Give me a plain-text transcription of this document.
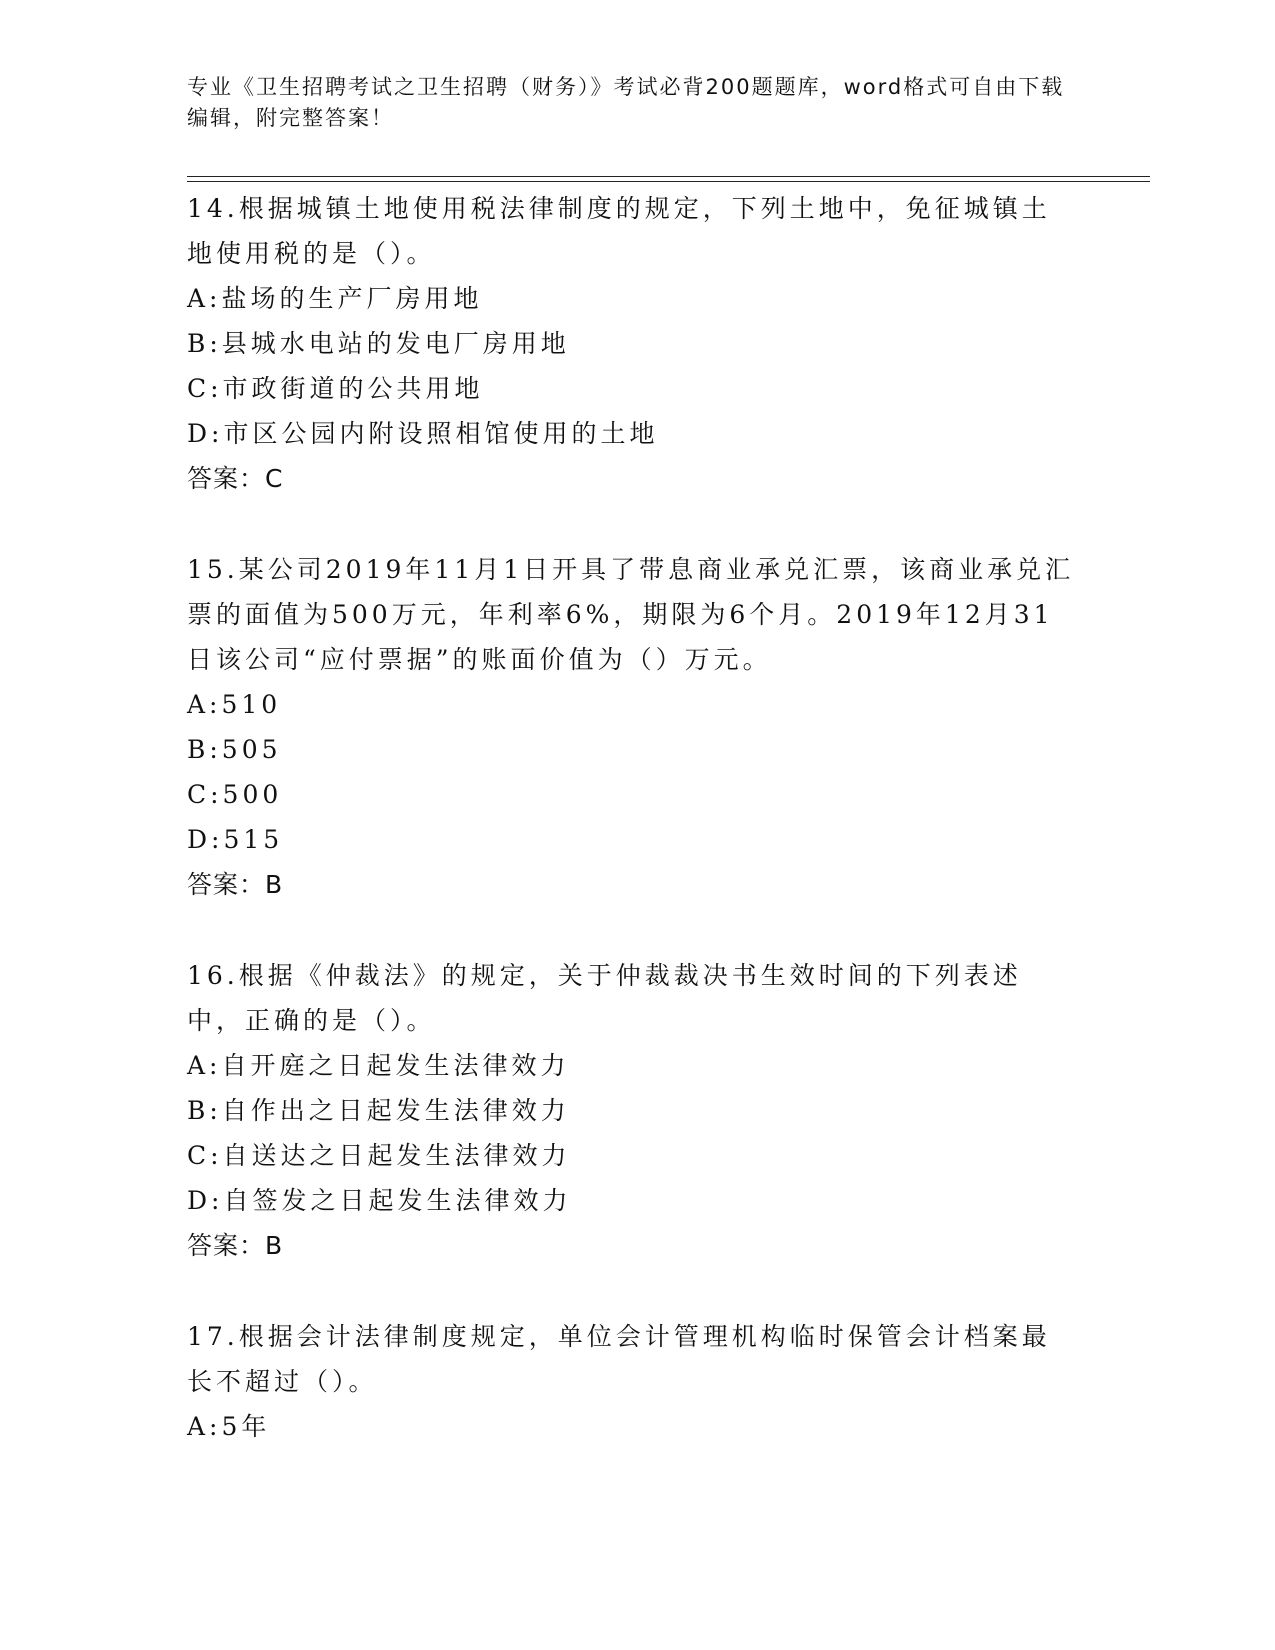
专业《卫生招聘考试之卫生招聘（财务）》考试必背200题题库，word格式可自由下载编辑，附完整答案！

14.根据城镇土地使用税法律制度的规定，下列土地中，免征城镇土地使用税的是（）。

A:盐场的生产厂房用地

B:县城水电站的发电厂房用地

C:市政街道的公共用地

D:市区公园内附设照相馆使用的土地

答案：C

15.某公司2019年11月1日开具了带息商业承兑汇票，该商业承兑汇票的面值为500万元，年利率6%，期限为6个月。2019年12月31日该公司“应付票据”的账面价值为（）万元。

A:510

B:505

C:500

D:515

答案：B

16.根据《仲裁法》的规定，关于仲裁裁决书生效时间的下列表述中，正确的是（）。

A:自开庭之日起发生法律效力

B:自作出之日起发生法律效力

C:自送达之日起发生法律效力

D:自签发之日起发生法律效力

答案：B

17.根据会计法律制度规定，单位会计管理机构临时保管会计档案最长不超过（）。

A:5年
